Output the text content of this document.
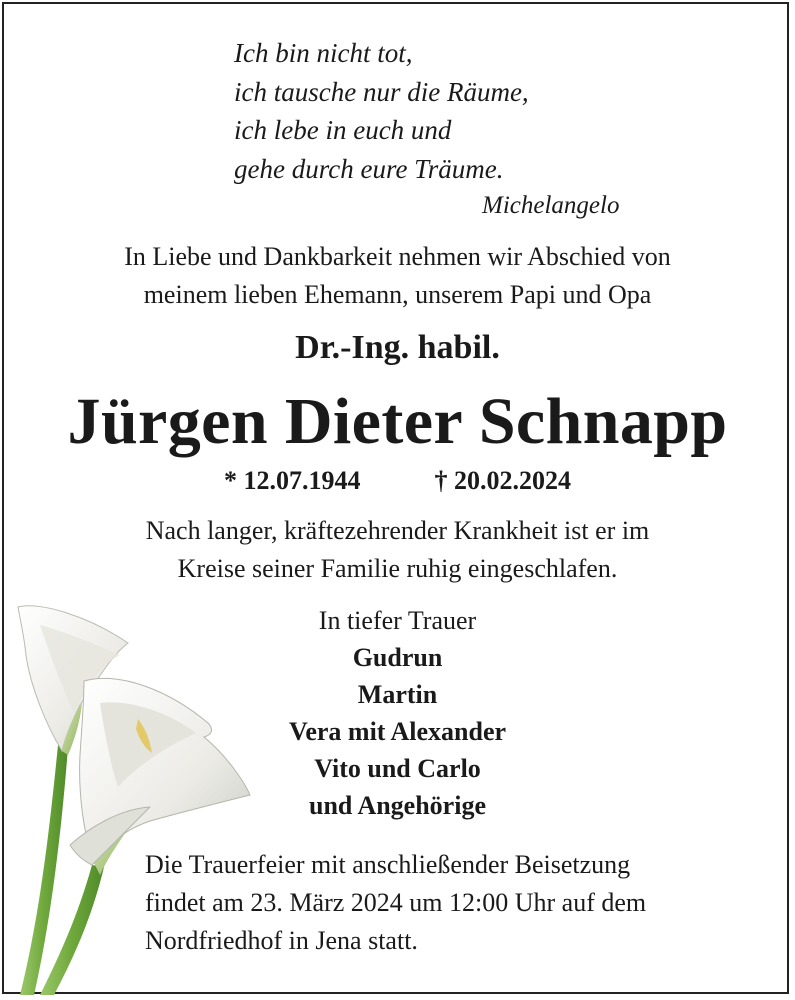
Ich bin nicht tot,
ich tausche nur die Räume,
ich lebe in euch und
gehe durch eure Träume.
Michelangelo
In Liebe und Dankbarkeit nehmen wir Abschied von
meinem lieben Ehemann, unserem Papi und Opa
Dr.-Ing. habil.
Jürgen Dieter Schnapp
* 12.07.1944	† 20.02.2024
Nach langer, kräftezehrender Krankheit ist er im
Kreise seiner Familie ruhig eingeschlafen.
In tiefer Trauer
Gudrun
Martin
Vera mit Alexander
Vito und Carlo
und Angehörige
Die Trauerfeier mit anschließender Beisetzung
findet am 23. März 2024 um 12:00 Uhr auf dem
Nordfriedhof in Jena statt.
